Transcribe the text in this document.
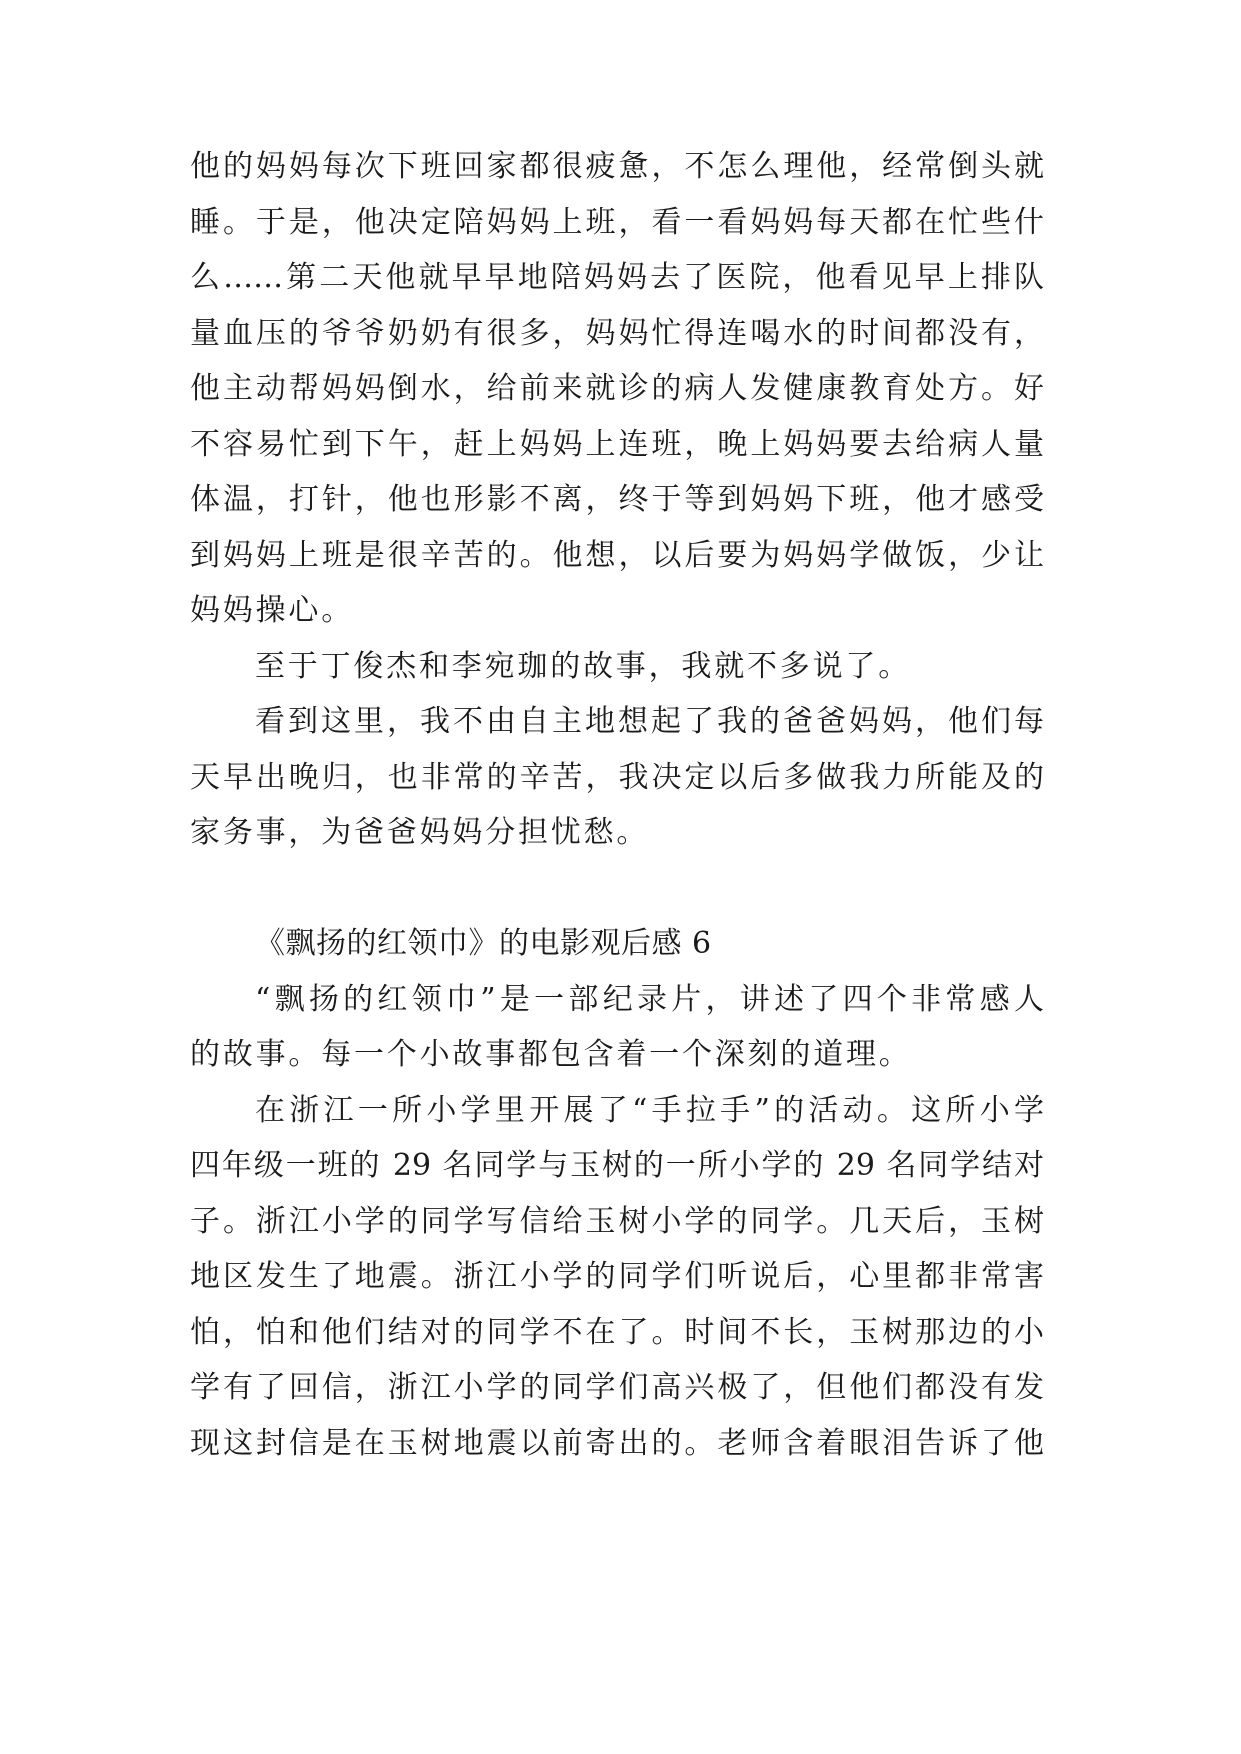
他的妈妈每次下班回家都很疲惫，不怎么理他，经常倒头就
睡。于是，他决定陪妈妈上班，看一看妈妈每天都在忙些什
么……第二天他就早早地陪妈妈去了医院，他看见早上排队
量血压的爷爷奶奶有很多，妈妈忙得连喝水的时间都没有，
他主动帮妈妈倒水，给前来就诊的病人发健康教育处方。好
不容易忙到下午，赶上妈妈上连班，晚上妈妈要去给病人量
体温，打针，他也形影不离，终于等到妈妈下班，他才感受
到妈妈上班是很辛苦的。他想，以后要为妈妈学做饭，少让
妈妈操心。
至于丁俊杰和李宛珈的故事，我就不多说了。
看到这里，我不由自主地想起了我的爸爸妈妈，他们每
天早出晚归，也非常的辛苦，我决定以后多做我力所能及的
家务事，为爸爸妈妈分担忧愁。
《飘扬的红领巾》的电影观后感 6
“飘扬的红领巾”是一部纪录片，讲述了四个非常感人
的故事。每一个小故事都包含着一个深刻的道理。
在浙江一所小学里开展了“手拉手”的活动。这所小学
四年级一班的 29 名同学与玉树的一所小学的 29 名同学结对
子。浙江小学的同学写信给玉树小学的同学。几天后，玉树
地区发生了地震。浙江小学的同学们听说后，心里都非常害
怕，怕和他们结对的同学不在了。时间不长，玉树那边的小
学有了回信，浙江小学的同学们高兴极了，但他们都没有发
现这封信是在玉树地震以前寄出的。老师含着眼泪告诉了他
